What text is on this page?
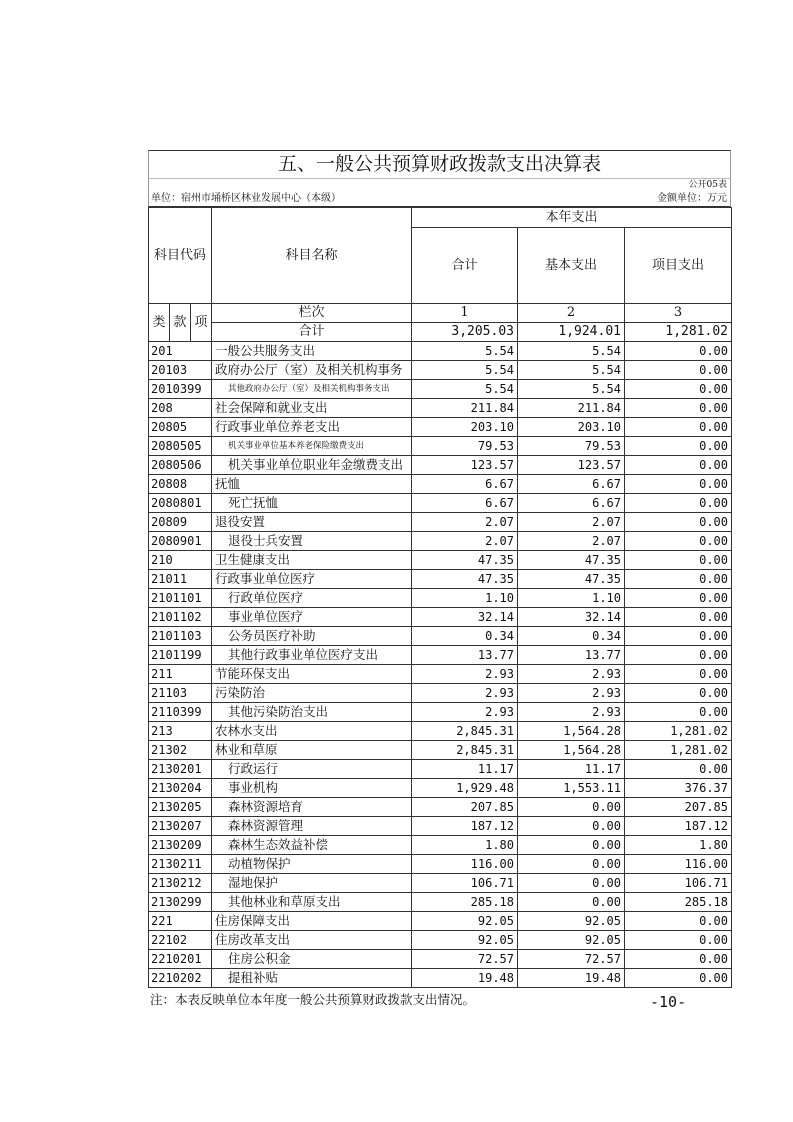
五、一般公共预算财政拨款支出决算表
公开05表
单位：宿州市埇桥区林业发展中心（本级）	金额单位：万元
科目代码			科目名称	本年支出		
				合计	基本支出	项目支出
类	款	项	栏次	1	2	3
			合计	3,205.03	1,924.01	1,281.02
201			一般公共服务支出	5.54	5.54	0.00
20103			政府办公厅（室）及相关机构事务	5.54	5.54	0.00
2010399			其他政府办公厅（室）及相关机构事务支出	5.54	5.54	0.00
208			社会保障和就业支出	211.84	211.84	0.00
20805			行政事业单位养老支出	203.10	203.10	0.00
2080505			机关事业单位基本养老保险缴费支出	79.53	79.53	0.00
2080506			机关事业单位职业年金缴费支出	123.57	123.57	0.00
20808			抚恤	6.67	6.67	0.00
2080801			死亡抚恤	6.67	6.67	0.00
20809			退役安置	2.07	2.07	0.00
2080901			退役士兵安置	2.07	2.07	0.00
210			卫生健康支出	47.35	47.35	0.00
21011			行政事业单位医疗	47.35	47.35	0.00
2101101			行政单位医疗	1.10	1.10	0.00
2101102			事业单位医疗	32.14	32.14	0.00
2101103			公务员医疗补助	0.34	0.34	0.00
2101199			其他行政事业单位医疗支出	13.77	13.77	0.00
211			节能环保支出	2.93	2.93	0.00
21103			污染防治	2.93	2.93	0.00
2110399			其他污染防治支出	2.93	2.93	0.00
213			农林水支出	2,845.31	1,564.28	1,281.02
21302			林业和草原	2,845.31	1,564.28	1,281.02
2130201			行政运行	11.17	11.17	0.00
2130204			事业机构	1,929.48	1,553.11	376.37
2130205			森林资源培育	207.85	0.00	207.85
2130207			森林资源管理	187.12	0.00	187.12
2130209			森林生态效益补偿	1.80	0.00	1.80
2130211			动植物保护	116.00	0.00	116.00
2130212			湿地保护	106.71	0.00	106.71
2130299			其他林业和草原支出	285.18	0.00	285.18
221			住房保障支出	92.05	92.05	0.00
22102			住房改革支出	92.05	92.05	0.00
2210201			住房公积金	72.57	72.57	0.00
2210202			提租补贴	19.48	19.48	0.00
注：本表反映单位本年度一般公共预算财政拨款支出情况。	-10-
